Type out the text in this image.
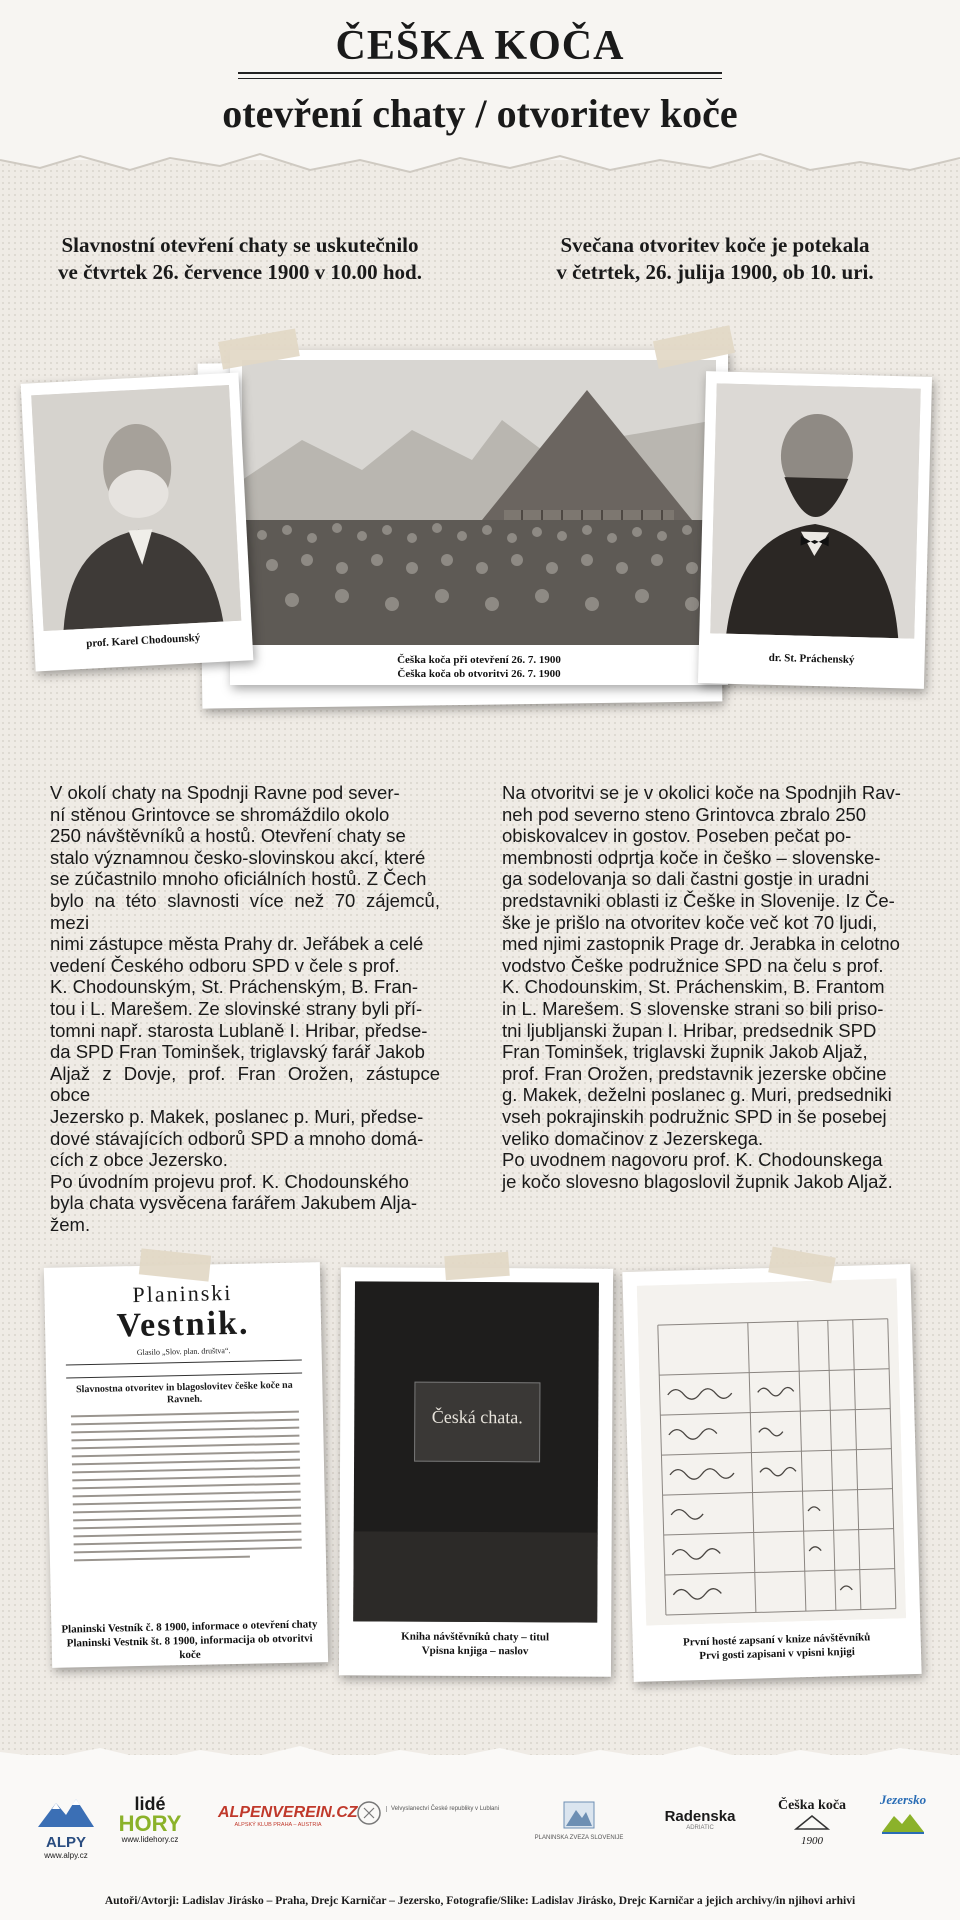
ČEŠKA KOČA
otevření chaty / otvoritev koče
Slavnostní otevření chaty se uskutečnilo
ve čtvrtek 26. července 1900 v 10.00 hod.
Svečana otvoritev koče je potekala
v četrtek, 26. julija 1900, ob 10. uri.
Češka koča při otevření 26. 7. 1900
Češka koča ob otvoritvi 26. 7. 1900
prof. Karel Chodounský
dr. St. Práchenský
V okolí chaty na Spodnji Ravne pod sever-
ní stěnou Grintovce se shromáždilo okolo
250 návštěvníků a hostů. Otevření chaty se
stalo významnou česko-slovinskou akcí, které
se zúčastnilo mnoho oficiálních hostů. Z Čech
bylo na této slavnosti více než 70 zájemců, mezi
nimi zástupce města Prahy dr. Jeřábek a celé
vedení Českého odboru SPD v čele s prof.
K. Chodounským, St. Práchenským, B. Fran-
tou i L. Marešem. Ze slovinské strany byli pří-
tomni např. starosta Lublaně I. Hribar, předse-
da SPD Fran Tominšek, triglavský farář Jakob
Aljaž z Dovje, prof. Fran Orožen, zástupce obce
Jezersko p. Makek, poslanec p. Muri, předse-
dové stávajících odborů SPD a mnoho domá-
cích z obce Jezersko.
Po úvodním projevu prof. K. Chodounského
byla chata vysvěcena farářem Jakubem Alja-
žem.
Na otvoritvi se je v okolici koče na Spodnjih Rav-
neh pod severno steno Grintovca zbralo 250
obiskovalcev in gostov. Poseben pečat po-
membnosti odprtja koče in češko – slovenske-
ga sodelovanja so dali častni gostje in uradni
predstavniki oblasti iz Češke in Slovenije. Iz Če-
ške je prišlo na otvoritev koče več kot 70 ljudi,
med njimi zastopnik Prage dr. Jerabka in celotno
vodstvo Češke podružnice SPD na čelu s prof.
K. Chodounskim, St. Práchenskim, B. Frantom
in L. Marešem. S slovenske strani so bili priso-
tni ljubljanski župan I. Hribar, predsednik SPD
Fran Tominšek, triglavski župnik Jakob Aljaž,
prof. Fran Orožen, predstavnik jezerske občine
g. Makek, deželni poslanec g. Muri, predsedniki
vseh pokrajinskih podružnic SPD in še posebej
veliko domačinov z Jezerskega.
Po uvodnem nagovoru prof. K. Chodounskega
je kočo slovesno blagoslovil župnik Jakob Aljaž.
Planinski
Vestnik.
Glasilo „Slov. plan. društva“.
Slavnostna otvoritev in blagoslovitev češke koče na Ravneh.
Planinski Vestník č. 8 1900, informace o otevření chaty
Planinski Vestnik št. 8 1900, informacija ob otvoritvi koče
Česká chata.
Kniha návštěvníků chaty – titul
Vpisna knjiga – naslov
První hosté zapsaní v knize návštěvníků
Prvi gosti zapisani v vpisni knjigi
ALPY
www.alpy.cz
lidé
HORY
www.lidehory.cz
ALPENVEREIN.CZ
ALPSKÝ KLUB PRAHA – AUSTRIA
Velvyslanectví České republiky v Lublani
PLANINSKA ZVEZA SLOVENIJE
Radenska
ADRIATIC
Češka koča
1900
Jezersko
Autoři/Avtorji: Ladislav Jirásko – Praha, Drejc Karničar – Jezersko, Fotografie/Slike: Ladislav Jirásko, Drejc Karničar a jejich archivy/in njihovi arhivi
